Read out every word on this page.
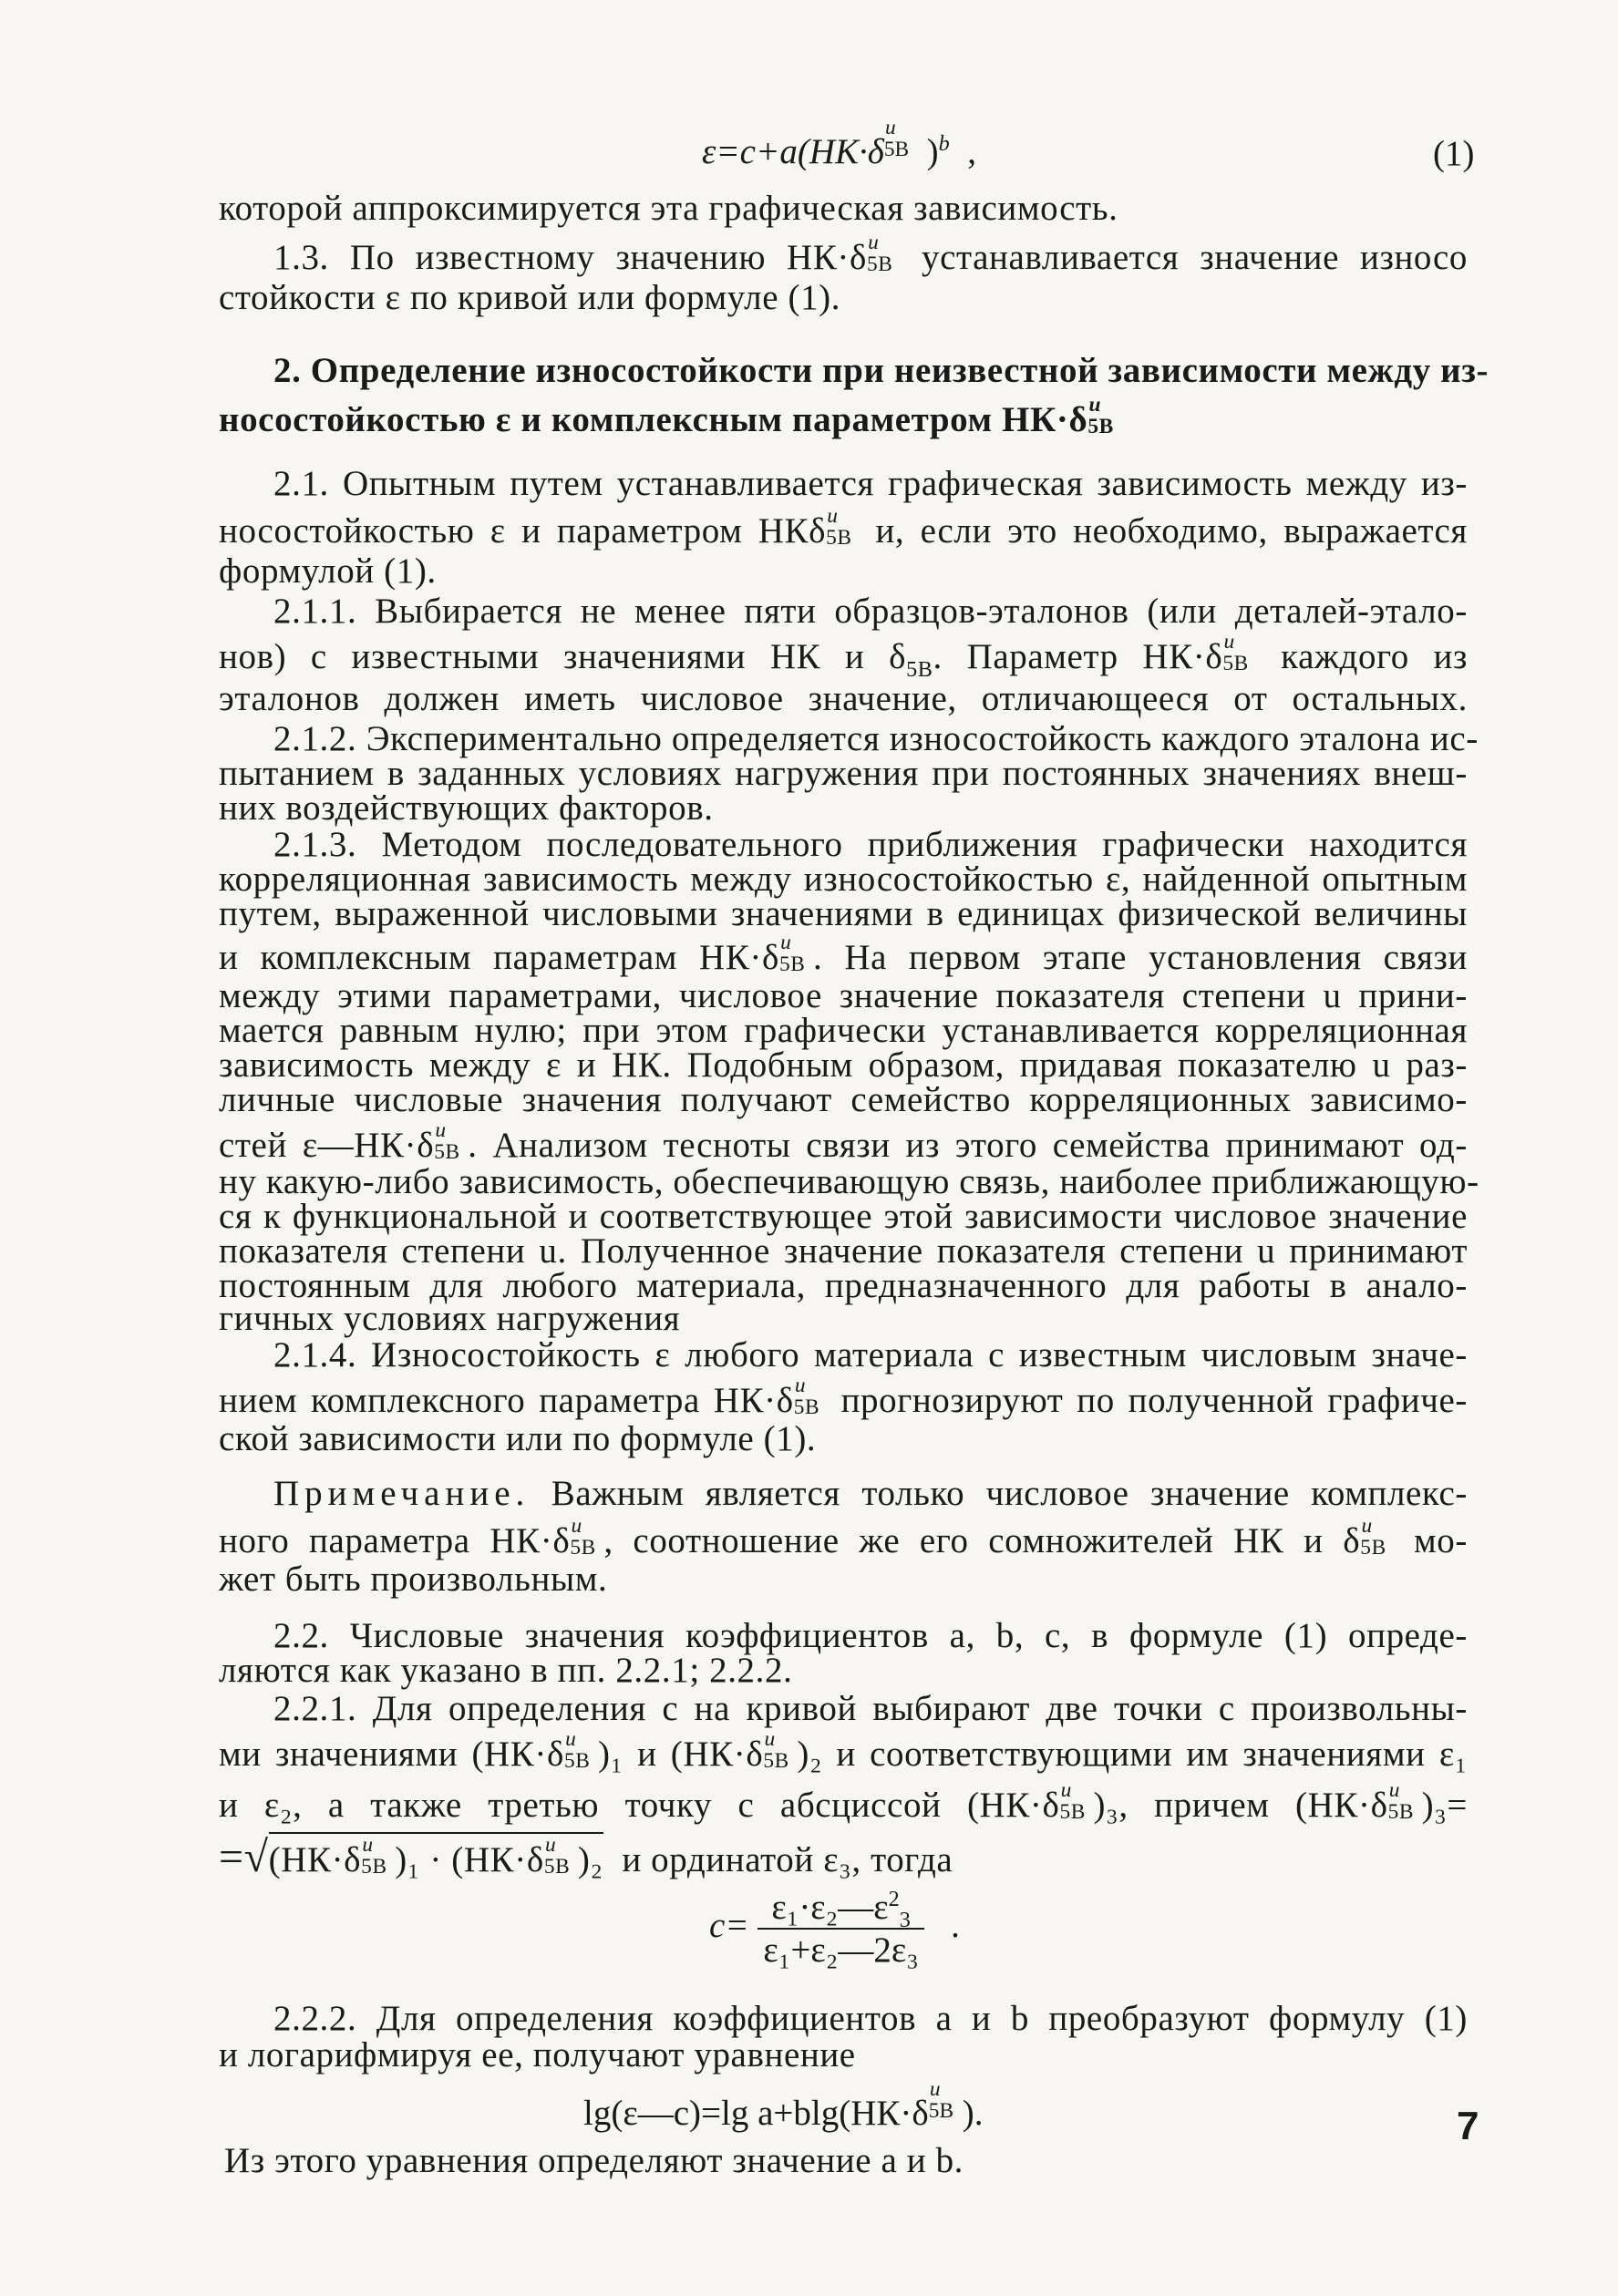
ε=c+a(HK·δ
u
5В )$^b$ ,	(1)
которой аппроксимируется эта графическая зависимость.
1.3. По известному значению НК·δ u
5В устанавливается значение износо
стойкости ε по кривой или формуле (1).
2. Определение износостойкости при неизвестной зависимости между из-
носостойкостью ε и комплексным параметром НК·δ u
5В
2.1. Опытным путем устанавливается графическая зависимость между из-
носостойкостью ε и параметром НКδ u
5В и, если это необходимо, выражается
формулой (1).
2.1.1. Выбирается не менее пяти образцов-эталонов (или деталей-этало-
нов) с известными значениями НК и $\delta_{5В}$. Параметр НК·δ u
5В каждого из
эталонов должен иметь числовое значение, отличающееся от остальных.
2.1.2. Экспериментально определяется износостойкость каждого эталона ис-
пытанием в заданных условиях нагружения при постоянных значениях внеш-
них воздействующих факторов.
2.1.3. Методом последовательного приближения графически находится
корреляционная зависимость между износостойкостью ε, найденной опытным
путем, выраженной числовыми значениями в единицах физической величины
и комплексным параметрам НК·δ u
5В . На первом этапе установления связи
между этими параметрами, числовое значение показателя степени u прини-
мается равным нулю; при этом графически устанавливается корреляционная
зависимость между ε и НК. Подобным образом, придавая показателю u раз-
личные числовые значения получают семейство корреляционных зависимо-
стей ε—НК·δ u
5В . Анализом тесноты связи из этого семейства принимают од-
ну какую-либо зависимость, обеспечивающую связь, наиболее приближающую-
ся к функциональной и соответствующее этой зависимости числовое значение
показателя степени u. Полученное значение показателя степени u принимают
постоянным для любого материала, предназначенного для работы в анало-
гичных условиях нагружения
2.1.4. Износостойкость ε любого материала с известным числовым значе-
нием комплексного параметра НК·δ u
5В прогнозируют по полученной графиче-
ской зависимости или по формуле (1).
Примечание. Важным является только числовое значение комплекс-
ного параметра НК·δ u
5В , соотношение же его сомножителей НК и δ u
5В мо-
жет быть произвольным.
2.2. Числовые значения коэффициентов a, b, c, в формуле (1) опреде-
ляются как указано в пп. 2.2.1; 2.2.2.
2.2.1. Для определения c на кривой выбирают две точки с произвольны-
ми значениями (НК·δ u
5В )₁ и (НК·δ u
5В )₂ и соответствующими им значениями ε₁
и ε₂, а также третью точку с абсциссой (НК·δ u
5В )₃, причем (НК·δ u
5В )₃=
=√(НК·δ u
5В )₁ · (НК·δ u
5В )₂ и ординатой ε₃, тогда
$c= \frac{\varepsilon_1\cdot\varepsilon_2—\varepsilon^2_3}{\text{ε₁+ε₂—2ε₃}}$ .
2.2.2. Для определения коэффициентов a и b преобразуют формулу (1)
и логарифмируя ее, получают уравнение
lg(ε—c)=lg a+blg(НК·δ
u
5В ).
Из этого уравнения определяют значение a и b.
7
